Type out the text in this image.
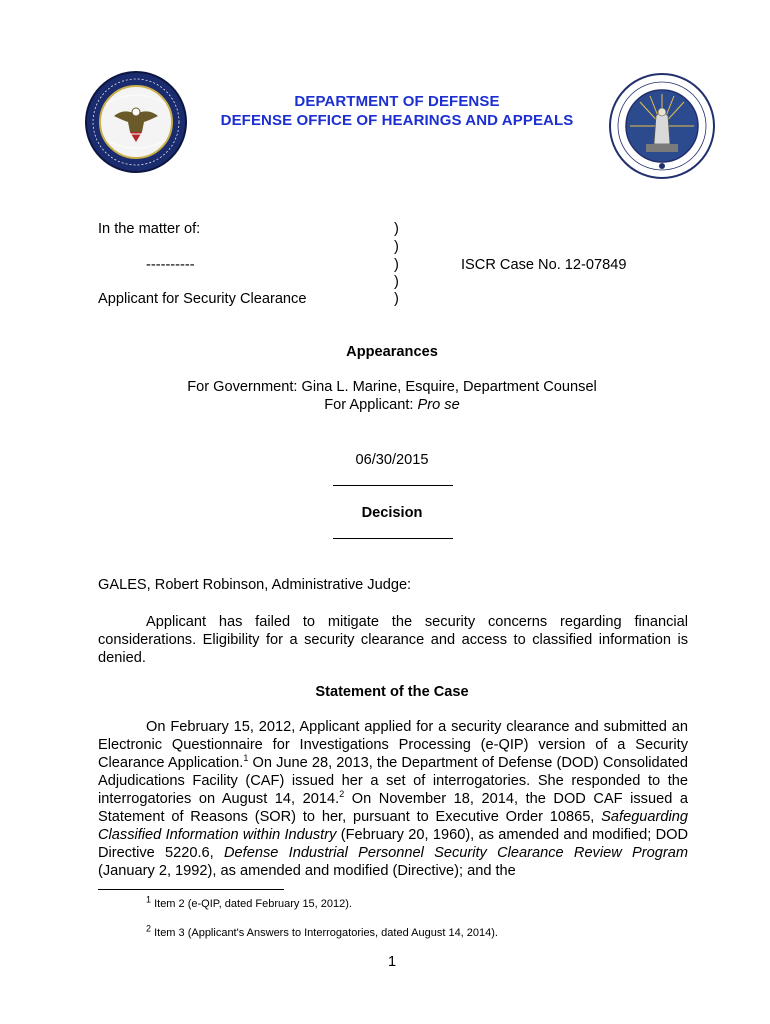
DEPARTMENT OF DEFENSE
DEFENSE OFFICE OF HEARINGS AND APPEALS
In the matter of:
----------
Applicant for Security Clearance
)
)
)
)
)
ISCR Case No. 12-07849
Appearances
For Government: Gina L. Marine, Esquire, Department Counsel
For Applicant: Pro se
06/30/2015
Decision
GALES, Robert Robinson, Administrative Judge:

Applicant has failed to mitigate the security concerns regarding financial considerations. Eligibility for a security clearance and access to classified information is denied.

Statement of the Case

On February 15, 2012, Applicant applied for a security clearance and submitted an Electronic Questionnaire for Investigations Processing (e-QIP) version of a Security Clearance Application.$^1$ On June 28, 2013, the Department of Defense (DOD) Consolidated Adjudications Facility (CAF) issued her a set of interrogatories. She responded to the interrogatories on August 14, 2014.$^2$ On November 18, 2014, the DOD CAF issued a Statement of Reasons (SOR) to her, pursuant to Executive Order 10865, Safeguarding Classified Information within Industry (February 20, 1960), as amended and modified; DOD Directive 5220.6, Defense Industrial Personnel Security Clearance Review Program (January 2, 1992), as amended and modified (Directive); and the

$^1$ Item 2 (e-QIP, dated February 15, 2012).
$^2$ Item 3 (Applicant's Answers to Interrogatories, dated August 14, 2014).
1
